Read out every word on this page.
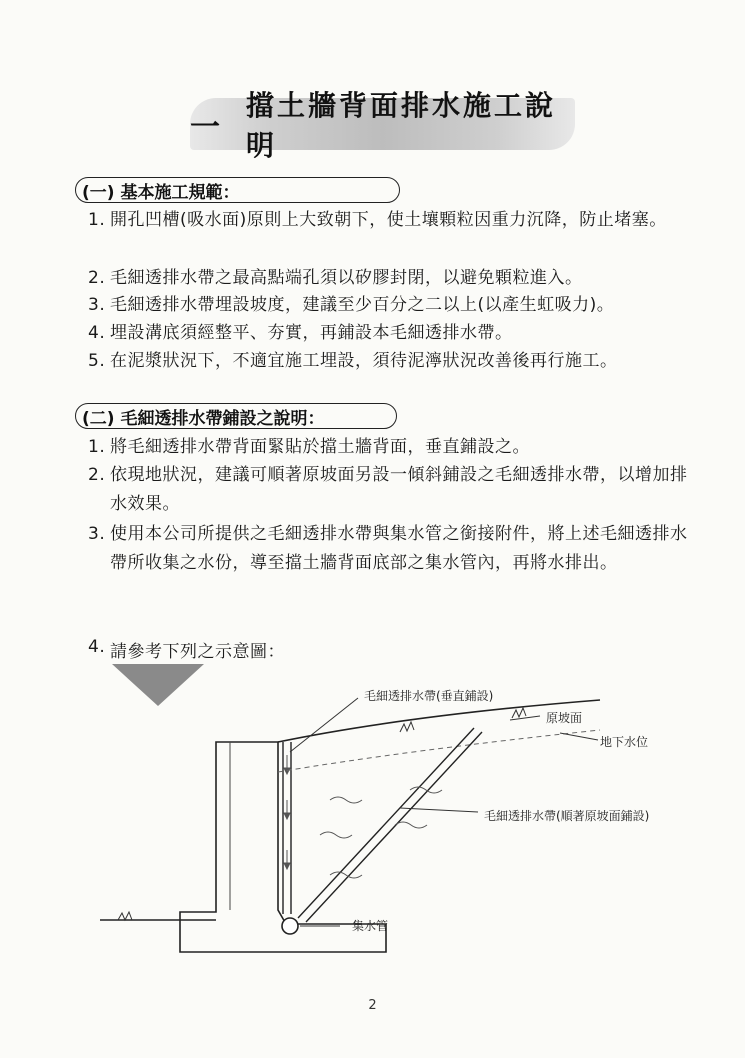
一
擋土牆背面排水施工說明
(一) 基本施工規範：
1. 開孔凹槽(吸水面)原則上大致朝下，使土壤顆粒因重力沉降，防止堵塞。
2. 毛細透排水帶之最高點端孔須以矽膠封閉，以避免顆粒進入。
3. 毛細透排水帶埋設坡度，建議至少百分之二以上(以產生虹吸力)。
4. 埋設溝底須經整平、夯實，再鋪設本毛細透排水帶。
5. 在泥漿狀況下，不適宜施工埋設，須待泥濘狀況改善後再行施工。
(二) 毛細透排水帶鋪設之說明：
1. 將毛細透排水帶背面緊貼於擋土牆背面，垂直鋪設之。
2. 依現地狀況，建議可順著原坡面另設一傾斜鋪設之毛細透排水帶，以增加排水效果。
3. 使用本公司所提供之毛細透排水帶與集水管之銜接附件，將上述毛細透排水帶所收集之水份，導至擋土牆背面底部之集水管內，再將水排出。
4. 請參考下列之示意圖：
毛細透排水帶(垂直鋪設)
原坡面
地下水位
毛細透排水帶(順著原坡面鋪設)
集水管
2
